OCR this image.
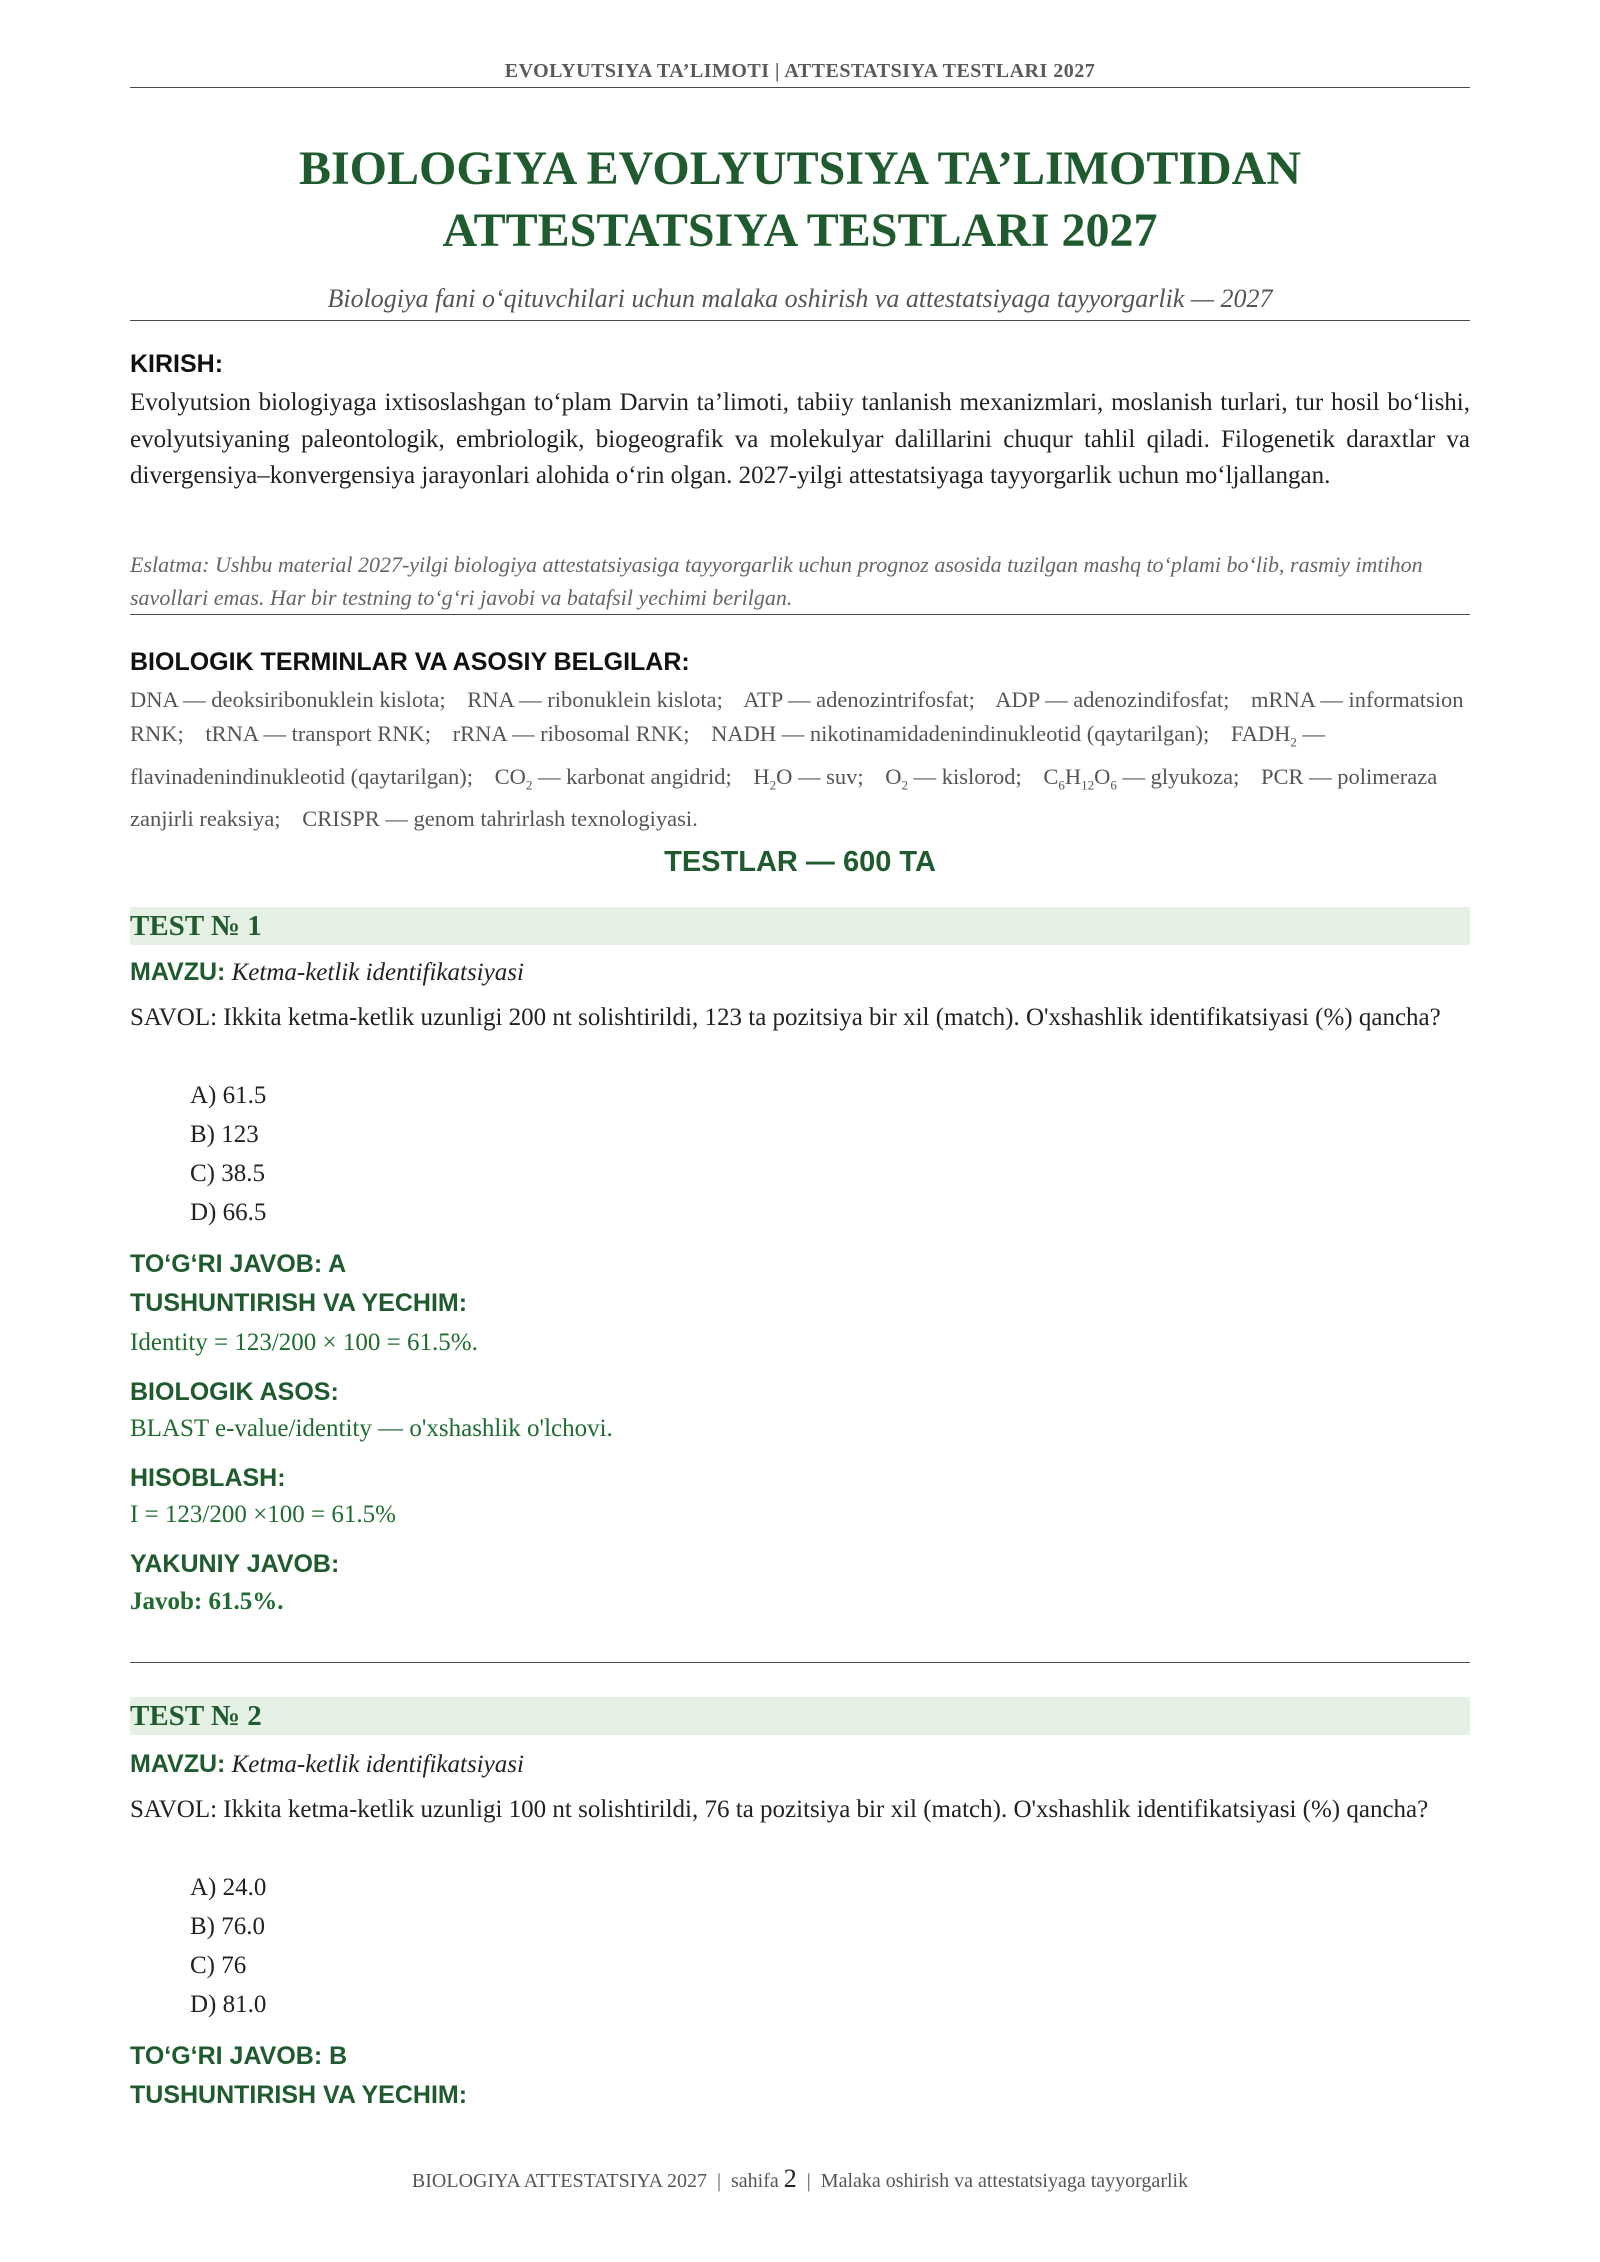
EVOLYUTSIYA TA’LIMOTI | ATTESTATSIYA TESTLARI 2027
BIOLOGIYA EVOLYUTSIYA TA’LIMOTIDAN
ATTESTATSIYA TESTLARI 2027
Biologiya fani o‘qituvchilari uchun malaka oshirish va attestatsiyaga tayyorgarlik — 2027
KIRISH:
Evolyutsion biologiyaga ixtisoslashgan to‘plam Darvin ta’limoti, tabiiy tanlanish mexanizmlari, moslanish turlari, tur hosil bo‘lishi, evolyutsiyaning paleontologik, embriologik, biogeografik va molekulyar dalillarini chuqur tahlil qiladi. Filogenetik daraxtlar va divergensiya–konvergensiya jarayonlari alohida o‘rin olgan. 2027-yilgi attestatsiyaga tayyorgarlik uchun mo‘ljallangan.
Eslatma: Ushbu material 2027-yilgi biologiya attestatsiyasiga tayyorgarlik uchun prognoz asosida tuzilgan mashq to‘plami bo‘lib, rasmiy imtihon savollari emas. Har bir testning to‘g‘ri javobi va batafsil yechimi berilgan.
BIOLOGIK TERMINLAR VA ASOSIY BELGILAR:
DNA — deoksiribonuklein kislota; RNA — ribonuklein kislota; ATP — adenozintrifosfat; ADP — adenozindifosfat; mRNA — informatsion RNK; tRNA — transport RNK; rRNA — ribosomal RNK; NADH — nikotinamidadenindinukleotid (qaytarilgan); $FADH_2$ — flavinadenindinukleotid (qaytarilgan); $CO_2$ — karbonat angidrid; $H_2O$ — suv; $O_2$ — kislorod; $C_6H_{12}O_6$ — glyukoza; PCR — polimeraza zanjirli reaksiya; CRISPR — genom tahrirlash texnologiyasi.
TESTLAR — 600 TA
TEST № 1
MAVZU: Ketma-ketlik identifikatsiyasi
SAVOL: Ikkita ketma-ketlik uzunligi 200 nt solishtirildi, 123 ta pozitsiya bir xil (match). O'xshashlik identifikatsiyasi (%) qancha?
A) 61.5
B) 123
C) 38.5
D) 66.5
TO‘G‘RI JAVOB: A
TUSHUNTIRISH VA YECHIM:
Identity = 123/200 × 100 = 61.5%.
BIOLOGIK ASOS:
BLAST e-value/identity — o'xshashlik o'lchovi.
HISOBLASH:
I = 123/200 ×100 = 61.5%
YAKUNIY JAVOB:
Javob: 61.5%.
TEST № 2
MAVZU: Ketma-ketlik identifikatsiyasi
SAVOL: Ikkita ketma-ketlik uzunligi 100 nt solishtirildi, 76 ta pozitsiya bir xil (match). O'xshashlik identifikatsiyasi (%) qancha?
A) 24.0
B) 76.0
C) 76
D) 81.0
TO‘G‘RI JAVOB: B
TUSHUNTIRISH VA YECHIM:
BIOLOGIYA ATTESTATSIYA 2027 | sahifa 2 | Malaka oshirish va attestatsiyaga tayyorgarlik
